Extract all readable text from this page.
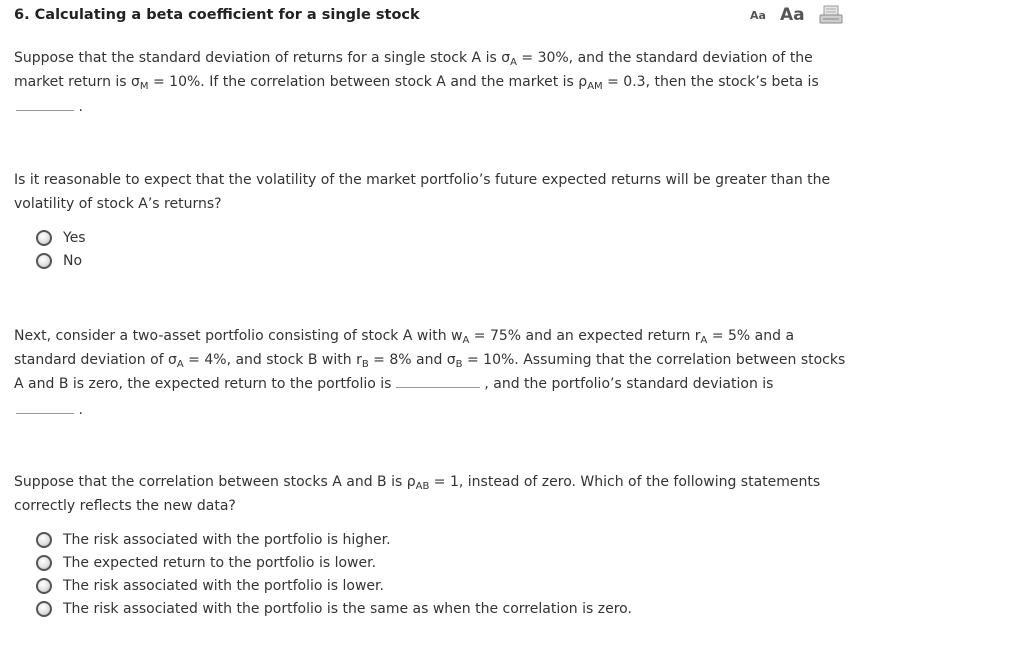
6. Calculating a beta coefficient for a single stock	Aa Aa
Suppose that the standard deviation of returns for a single stock A is $\sigma_A = 30\%$, and the standard deviation of the market return is $\sigma_M = 10\%$. If the correlation between stock A and the market is $\rho_{AM} = 0.3$, then the stock’s beta is
.
Is it reasonable to expect that the volatility of the market portfolio’s future expected returns will be greater than the volatility of stock A’s returns?
Yes
No
Next, consider a two-asset portfolio consisting of stock A with $w_A = 75\%$ and an expected return $r_A = 5\%$ and a standard deviation of $\sigma_A = 4\%$, and stock B with $r_B = 8\%$ and $\sigma_B = 10\%$. Assuming that the correlation between stocks A and B is zero, the expected return to the portfolio is	, and the portfolio’s standard deviation is
.
Suppose that the correlation between stocks A and B is $\rho_{AB} = 1$, instead of zero. Which of the following statements correctly reflects the new data?
The risk associated with the portfolio is higher.
The expected return to the portfolio is lower.
The risk associated with the portfolio is lower.
The risk associated with the portfolio is the same as when the correlation is zero.
